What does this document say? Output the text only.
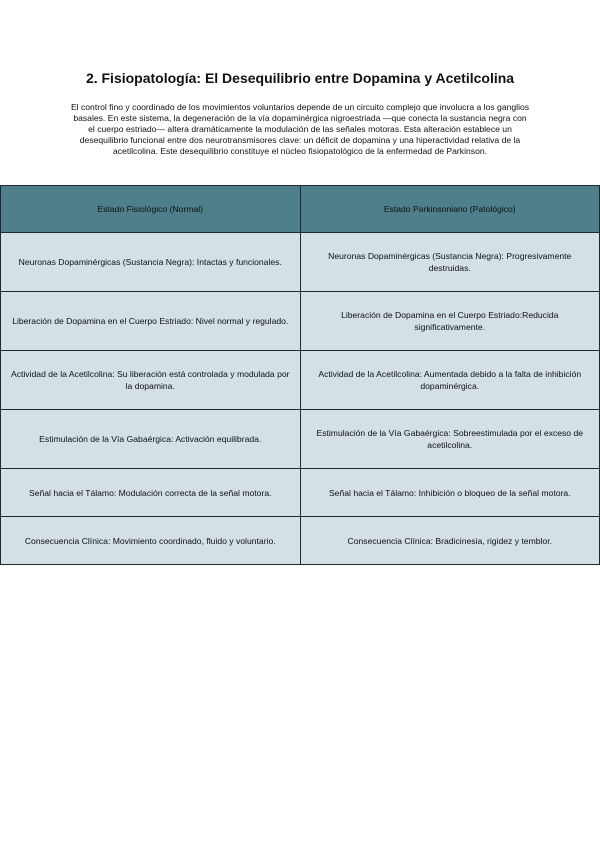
2. Fisiopatología: El Desequilibrio entre Dopamina y Acetilcolina

El control fino y coordinado de los movimientos voluntarios depende de un circuito complejo que involucra a los ganglios basales. En este sistema, la degeneración de la vía dopaminérgica nigroestriada —que conecta la sustancia negra con el cuerpo estriado— altera dramáticamente la modulación de las señales motoras. Esta alteración establece un desequilibrio funcional entre dos neurotransmisores clave: un déficit de dopamina y una hiperactividad relativa de la acetilcolina. Este desequilibrio constituye el núcleo fisiopatológico de la enfermedad de Parkinson.

Estado Fisiológico (Normal)	Estado Parkinsoniano (Patológico)
Neuronas Dopaminérgicas (Sustancia Negra): Intactas y funcionales.	Neuronas Dopaminérgicas (Sustancia Negra): Progresivamente destruidas.
Liberación de Dopamina en el Cuerpo Estriado: Nivel normal y regulado.	Liberación de Dopamina en el Cuerpo Estriado:Reducida significativamente.
Actividad de la Acetilcolina: Su liberación está controlada y modulada por la dopamina.	Actividad de la Acetilcolina: Aumentada debido a la falta de inhibición dopaminérgica.
Estimulación de la Vía Gabaérgica: Activación equilibrada.	Estimulación de la Vía Gabaérgica: Sobreestimulada por el exceso de acetilcolina.
Señal hacia el Tálamo: Modulación correcta de la señal motora.	Señal hacia el Tálamo: Inhibición o bloqueo de la señal motora.
Consecuencia Clínica: Movimiento coordinado, fluido y voluntario.	Consecuencia Clínica: Bradicinesia, rigidez y temblor.
